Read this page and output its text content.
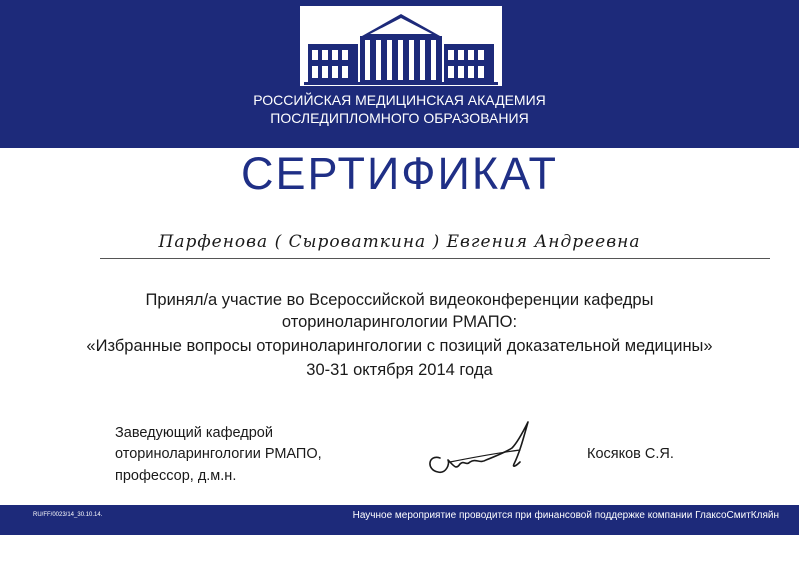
РОССИЙСКАЯ МЕДИЦИНСКАЯ АКАДЕМИЯ
ПОСЛЕДИПЛОМНОГО ОБРАЗОВАНИЯ
СЕРТИФИКАТ
Парфенова ( Сыроваткина ) Евгения Андреевна
Принял/а участие во Всероссийской видеоконференции кафедры
оториноларингологии РМАПО:
«Избранные вопросы оториноларингологии с позиций доказательной медицины»
30-31 октября 2014 года
Заведующий кафедрой
оториноларингологии РМАПО,
профессор, д.м.н.
Косяков С.Я.
RU/FF/0023/14_30.10.14.	Научное мероприятие проводится при финансовой поддержке компании ГлаксоСмитКляйн
